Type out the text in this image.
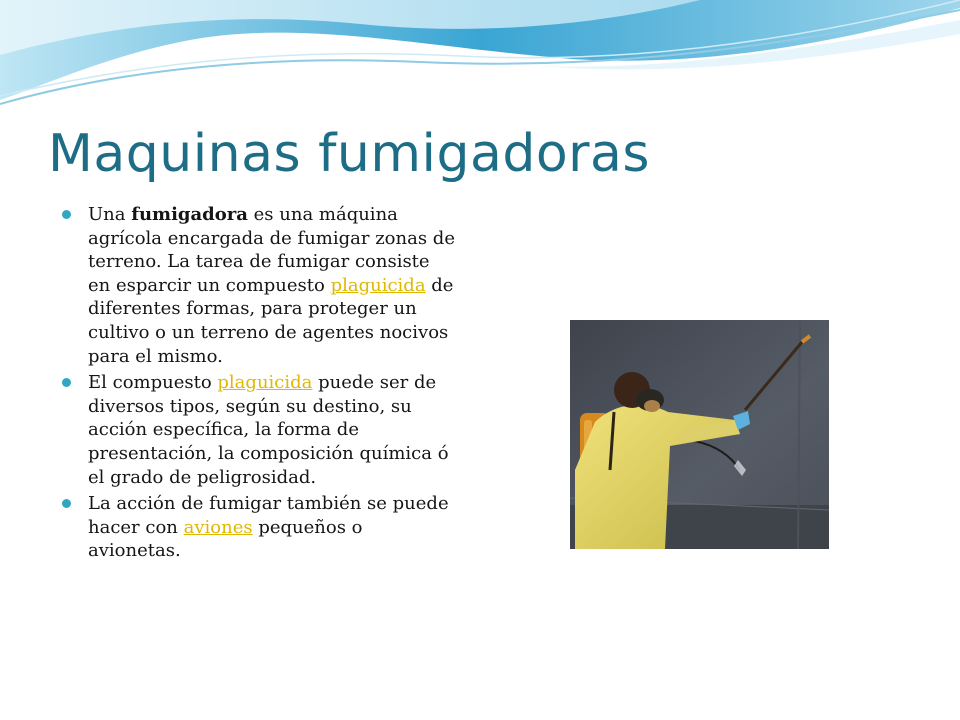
Maquinas fumigadoras
Una fumigadora es una máquina agrícola encargada de fumigar zonas de terreno. La tarea de fumigar consiste en esparcir un compuesto plaguicida de diferentes formas, para proteger un cultivo o un terreno de agentes nocivos para el mismo.
El compuesto plaguicida puede ser de diversos tipos, según su destino, su acción específica, la forma de presentación, la composición química ó el grado de peligrosidad.
La acción de fumigar también se puede hacer con aviones pequeños o avionetas.
